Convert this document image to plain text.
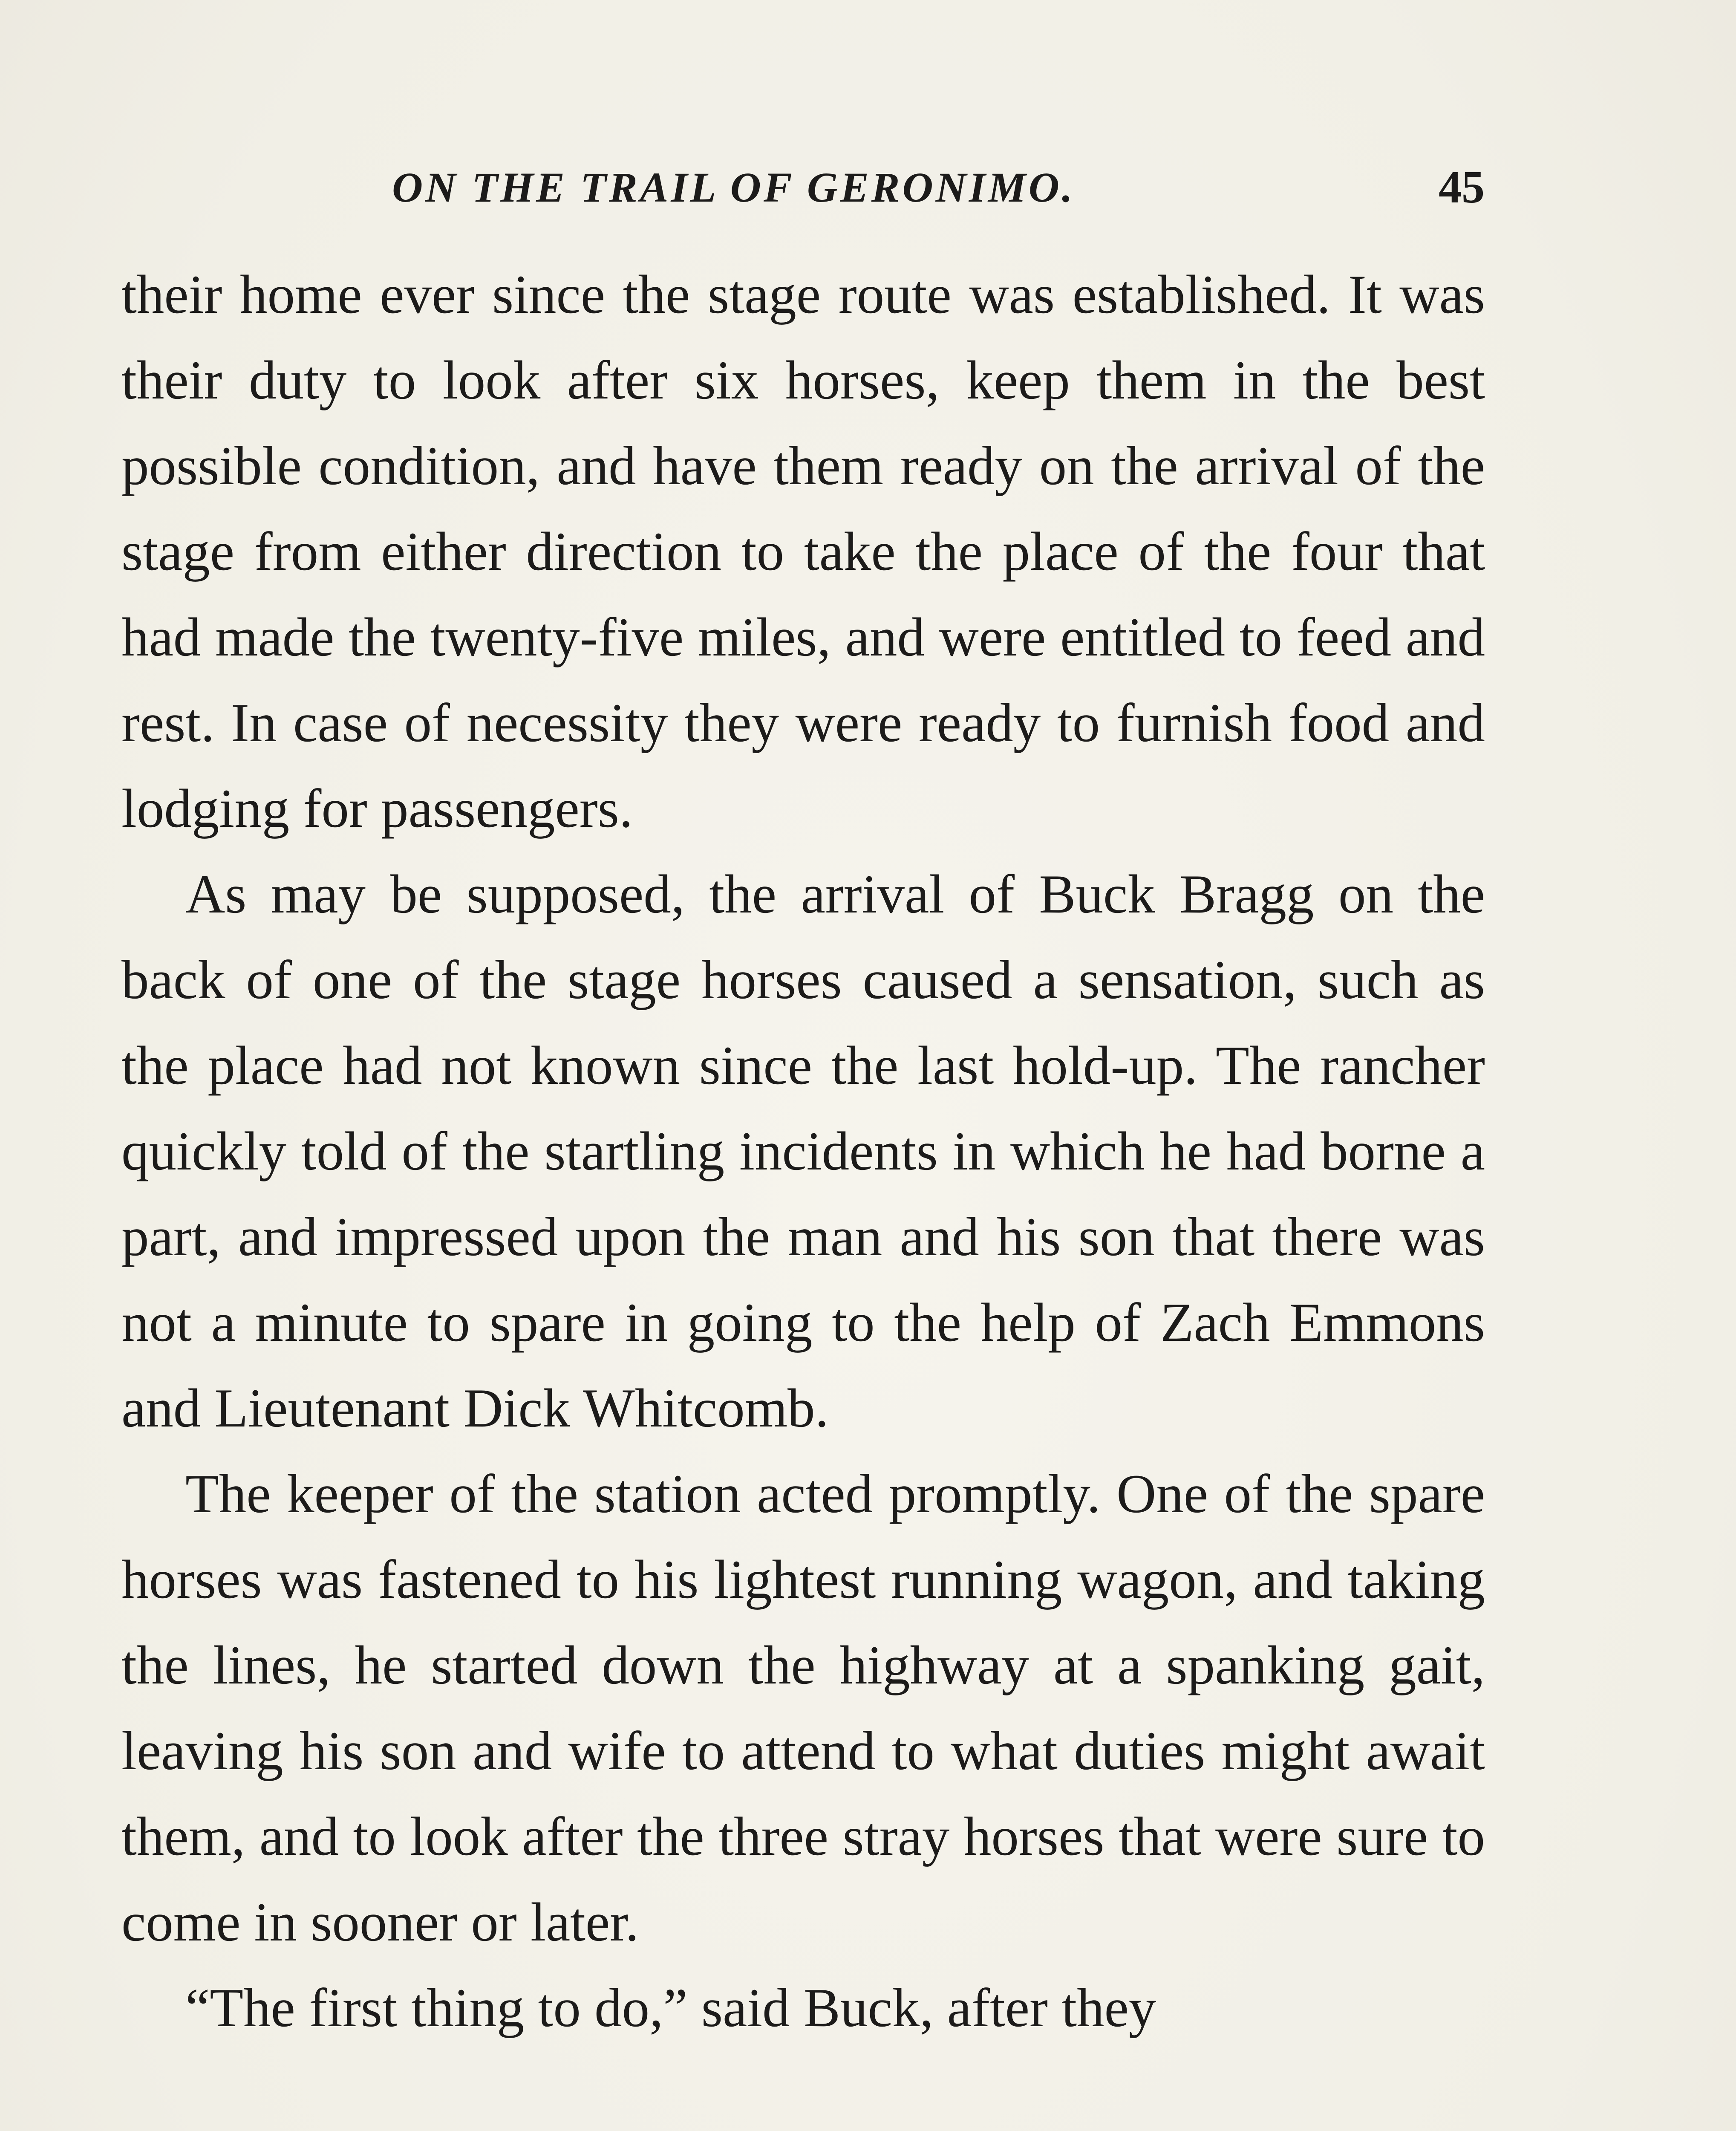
ON THE TRAIL OF GERONIMO.	45

their home ever since the stage route was established. It was their duty to look after six horses, keep them in the best possible condition, and have them ready on the arrival of the stage from either direction to take the place of the four that had made the twenty-five miles, and were entitled to feed and rest. In case of necessity they were ready to furnish food and lodging for passengers.

As may be supposed, the arrival of Buck Bragg on the back of one of the stage horses caused a sensation, such as the place had not known since the last hold-up. The rancher quickly told of the startling incidents in which he had borne a part, and impressed upon the man and his son that there was not a minute to spare in going to the help of Zach Emmons and Lieutenant Dick Whitcomb.

The keeper of the station acted promptly. One of the spare horses was fastened to his lightest running wagon, and taking the lines, he started down the highway at a spanking gait, leaving his son and wife to attend to what duties might await them, and to look after the three stray horses that were sure to come in sooner or later.

“The first thing to do,” said Buck, after they
